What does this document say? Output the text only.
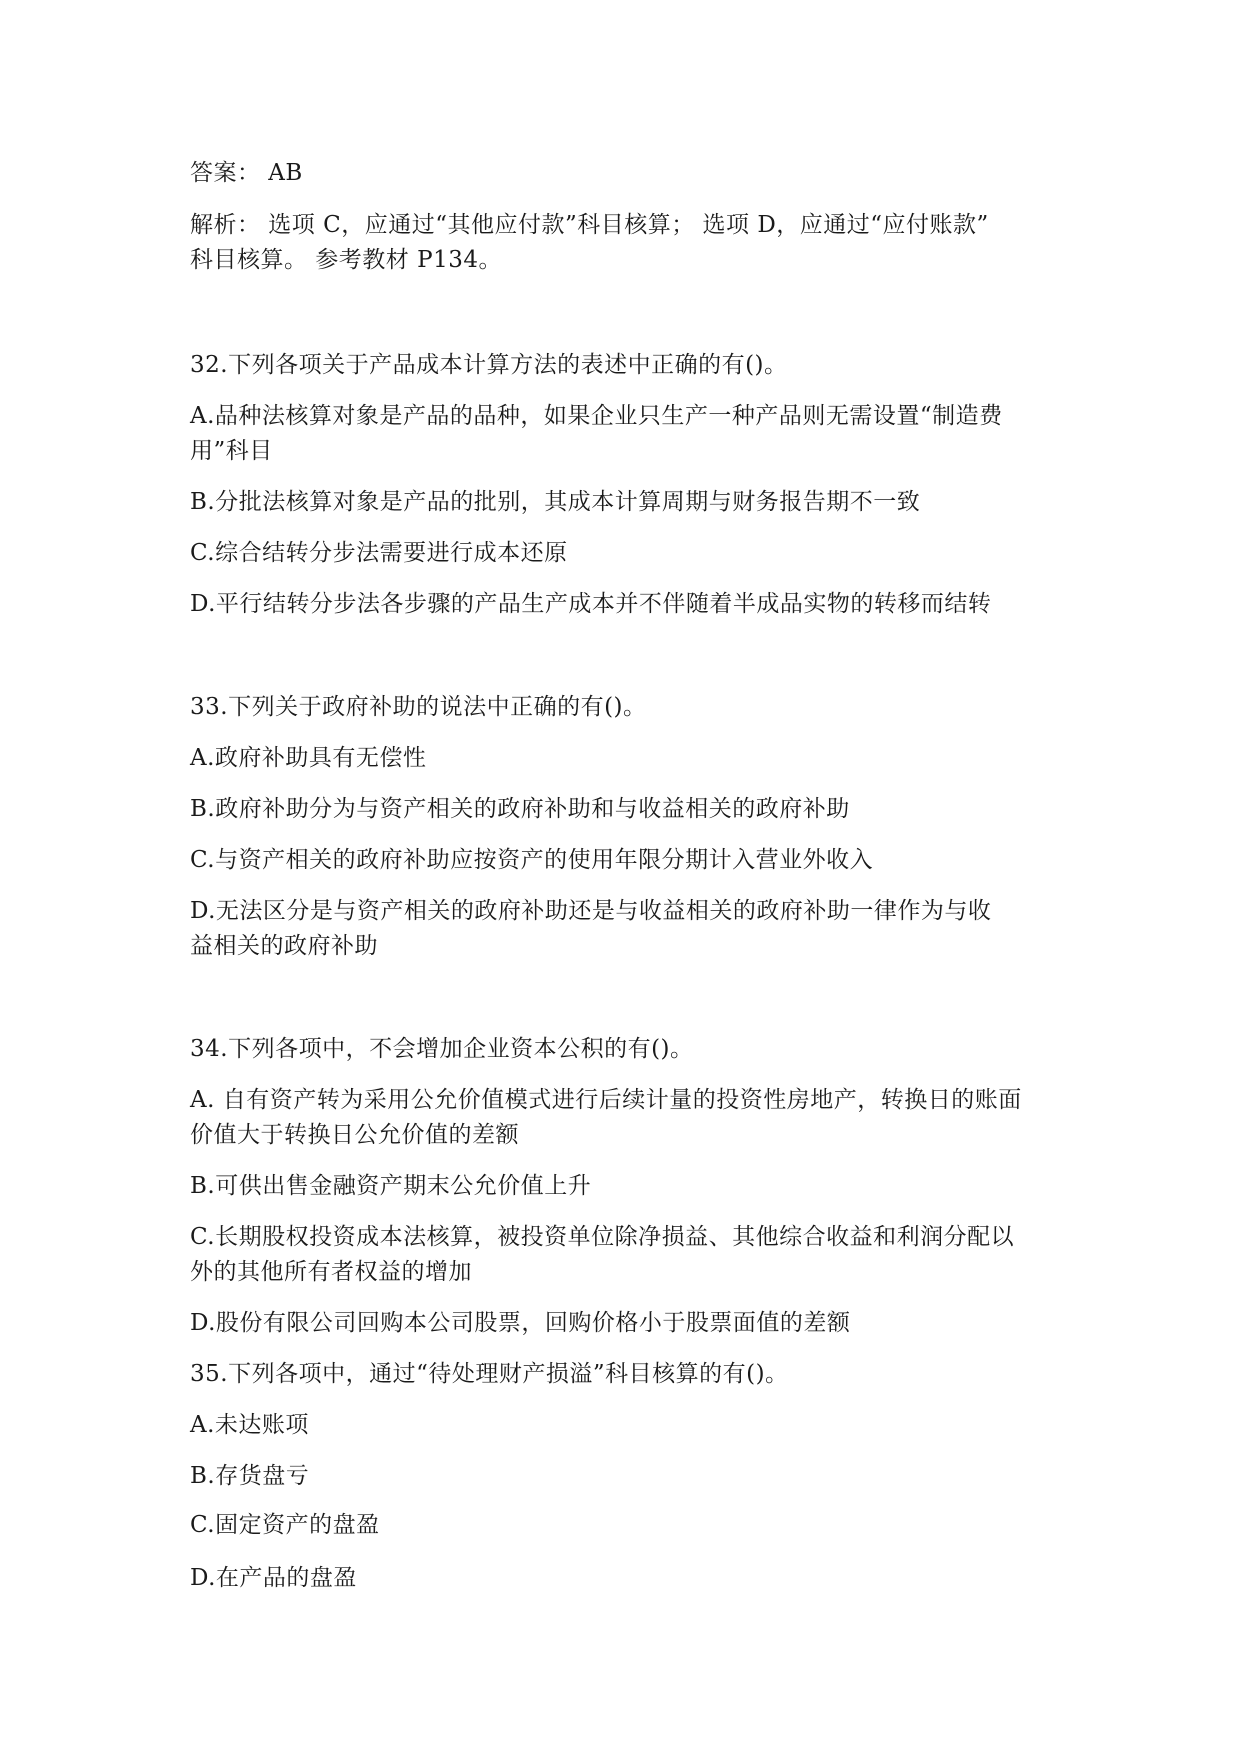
答案： AB
解析： 选项 C，应通过“其他应付款”科目核算； 选项 D，应通过“应付账款”
科目核算。 参考教材 P134。
32.下列各项关于产品成本计算方法的表述中正确的有()。
A.品种法核算对象是产品的品种，如果企业只生产一种产品则无需设置“制造费
用”科目
B.分批法核算对象是产品的批别，其成本计算周期与财务报告期不一致
C.综合结转分步法需要进行成本还原
D.平行结转分步法各步骤的产品生产成本并不伴随着半成品实物的转移而结转
33.下列关于政府补助的说法中正确的有()。
A.政府补助具有无偿性
B.政府补助分为与资产相关的政府补助和与收益相关的政府补助
C.与资产相关的政府补助应按资产的使用年限分期计入营业外收入
D.无法区分是与资产相关的政府补助还是与收益相关的政府补助一律作为与收
益相关的政府补助
34.下列各项中，不会增加企业资本公积的有()。
A. 自有资产转为采用公允价值模式进行后续计量的投资性房地产，转换日的账面
价值大于转换日公允价值的差额
B.可供出售金融资产期末公允价值上升
C.长期股权投资成本法核算，被投资单位除净损益、其他综合收益和利润分配以
外的其他所有者权益的增加
D.股份有限公司回购本公司股票，回购价格小于股票面值的差额
35.下列各项中，通过“待处理财产损溢”科目核算的有()。
A.未达账项
B.存货盘亏
C.固定资产的盘盈
D.在产品的盘盈
